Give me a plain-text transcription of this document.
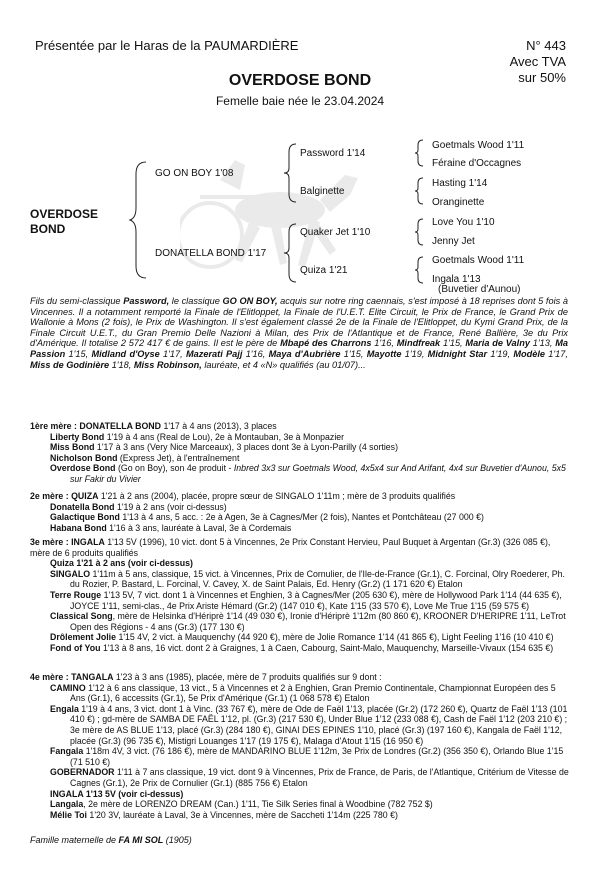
Présentée par le Haras de la PAUMARDIÈRE	N° 443
Avec TVA
sur 50%
OVERDOSE BOND
Femelle baie née le 23.04.2024
OVERDOSE
BOND
GO ON BOY 1'08
DONATELLA BOND 1'17
Password 1'14
Balginette
Quaker Jet 1'10
Quiza 1'21
Goetmals Wood 1'11
Féraine d'Occagnes
Hasting 1'14
Oranginette
Love You 1'10
Jenny Jet
Goetmals Wood 1'11
Ingala 1'13
(Buvetier d'Aunou)
Fils du semi-classique Password, le classique GO ON BOY, acquis sur notre ring caennais, s'est imposé à 18 reprises dont 5 fois à Vincennes. Il a notamment remporté la Finale de l'Elitloppet, la Finale de l'U.E.T. Elite Circuit, le Prix de France, le Grand Prix de Wallonie à Mons (2 fois), le Prix de Washington. Il s'est également classé 2e de la Finale de l'Elitloppet, du Kymi Grand Prix, de la Finale Circuit U.E.T., du Gran Premio Delle Nazioni à Milan, des Prix de l'Atlantique et de France, René Ballière, 3e du Prix d'Amérique. Il totalise 2 572 417 € de gains. Il est le père de Mbapé des Charrons 1'16, Mindfreak 1'15, Maria de Valny 1'13, Ma Passion 1'15, Midland d'Oyse 1'17, Mazerati Pajj 1'16, Maya d'Aubrière 1'15, Mayotte 1'19, Midnight Star 1'19, Modèle 1'17, Miss de Godinière 1'18, Miss Robinson, lauréate, et 4 «N» qualifiés (au 01/07)...

1ère mère : DONATELLA BOND 1'17 à 4 ans (2013), 3 places

Liberty Bond 1'19 à 4 ans (Real de Lou), 2e à Montauban, 3e à Monpazier

Miss Bond 1'17 à 3 ans (Very Nice Marceaux), 3 places dont 3e à Lyon-Parilly (4 sorties)

Nicholson Bond (Express Jet), à l'entraînement

Overdose Bond (Go on Boy), son 4e produit - Inbred 3x3 sur Goetmals Wood, 4x5x4 sur And Arifant, 4x4 sur Buvetier d'Aunou, 5x5 sur Fakir du Vivier

2e mère : QUIZA 1'21 à 2 ans (2004), placée, propre sœur de SINGALO 1'11m ; mère de 3 produits qualifiés

Donatella Bond 1'19 à 2 ans (voir ci-dessus)

Galactique Bond 1'13 à 4 ans, 5 acc. : 2e à Agen, 3e à Cagnes/Mer (2 fois), Nantes et Pontchâteau (27 000 €)

Habana Bond 1'16 à 3 ans, lauréate à Laval, 3e à Cordemais

3e mère : INGALA 1'13 5V (1996), 10 vict. dont 5 à Vincennes, 2e Prix Constant Hervieu, Paul Buquet à Argentan (Gr.3) (326 085 €), mère de 6 produits qualifiés

Quiza 1'21 à 2 ans (voir ci-dessus)

SINGALO 1'11m à 5 ans, classique, 15 vict. à Vincennes, Prix de Cornulier, de l'Ile-de-France (Gr.1), C. Forcinal, Olry Roederer, Ph. du Rozier, P. Bastard, L. Forcinal, V. Cavey, X. de Saint Palais, Ed. Henry (Gr.2) (1 171 620 €) Etalon

Terre Rouge 1'13 5V, 7 vict. dont 1 à Vincennes et Enghien, 3 à Cagnes/Mer (205 630 €), mère de Hollywood Park 1'14 (44 635 €), JOYCE 1'11, semi-clas., 4e Prix Ariste Hémard (Gr.2) (147 010 €), Kate 1'15 (33 570 €), Love Me True 1'15 (59 575 €)

Classical Song, mère de Helsinka d'Hériprè 1'14 (49 030 €), Ironie d'Hériprè 1'12m (80 860 €), KROONER D'HERIPRE 1'11, LeTrot Open des Régions - 4 ans (Gr.3) (177 130 €)

Drôlement Jolie 1'15 4V, 2 vict. à Mauquenchy (44 920 €), mère de Jolie Romance 1'14 (41 865 €), Light Feeling 1'16 (10 410 €)

Fond of You 1'13 à 8 ans, 16 vict. dont 2 à Graignes, 1 à Caen, Cabourg, Saint-Malo, Mauquenchy, Marseille-Vivaux (154 635 €)

4e mère : TANGALA 1'23 à 3 ans (1985), placée, mère de 7 produits qualifiés sur 9 dont :

CAMINO 1'12 à 6 ans classique, 13 vict., 5 à Vincennes et 2 à Enghien, Gran Premio Continentale, Championnat Européen des 5 Ans (Gr.1), 6 accessits (Gr.1), 5e Prix d'Amérique (Gr.1) (1 068 578 €) Etalon

Engala 1'19 à 4 ans, 3 vict. dont 1 à Vinc. (33 767 €), mère de Ode de Faël 1'13, placée (Gr.2) (172 260 €), Quartz de Faël 1'13 (101 410 €) ; gd-mère de SAMBA DE FAËL 1'12, pl. (Gr.3) (217 530 €), Under Blue 1'12 (233 088 €), Cash de Faël 1'12 (203 210 €) ; 3e mère de AS BLUE 1'13, placé (Gr.3) (284 180 €), GINAI DES EPINES 1'10, placé (Gr.3) (197 160 €), Kangala de Faël 1'12, placée (Gr.3) (96 735 €), Mistigri Louanges 1'17 (19 175 €), Malaga d'Atout 1'15 (16 950 €)

Fangala 1'18m 4V, 3 vict. (76 186 €), mère de MANDARINO BLUE 1'12m, 3e Prix de Londres (Gr.2) (356 350 €), Orlando Blue 1'15 (71 510 €)

GOBERNADOR 1'11 à 7 ans classique, 19 vict. dont 9 à Vincennes, Prix de France, de Paris, de l'Atlantique, Critérium de Vitesse de Cagnes (Gr.1), 2e Prix de Cornulier (Gr.1) (885 756 €) Etalon

INGALA 1'13 5V (voir ci-dessus)

Langala, 2e mère de LORENZO DREAM (Can.) 1'11, Tie Silk Series final à Woodbine (782 752 $)

Mélie Toi 1'20 3V, lauréate à Laval, 3e à Vincennes, mère de Saccheti 1'14m (225 780 €)

Famille maternelle de FA MI SOL (1905)
